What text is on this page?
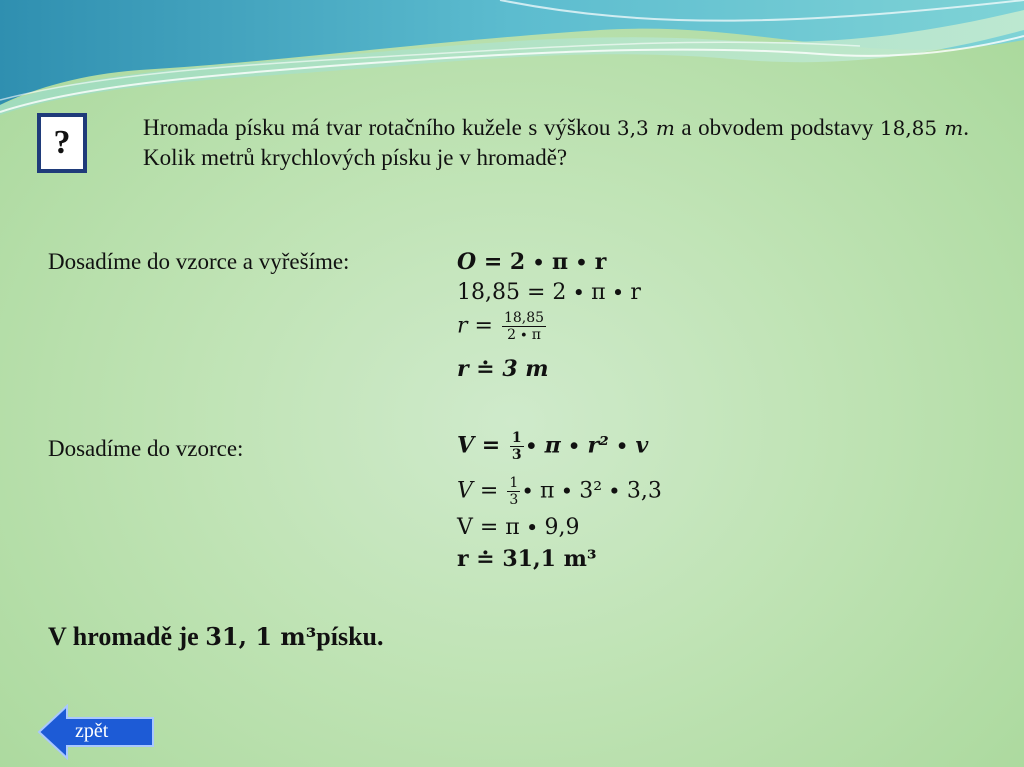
?	Hromada písku má tvar rotačního kužele s výškou 3,3 m a obvodem podstavy 18,85 m. Kolik metrů krychlových písku je v hromadě?
Dosadíme do vzorce a vyřešíme:	O = 2 ∙ π ∙ r
18,85 = 2 ∙ π ∙ r
$r = \frac{18,85}{2 \cdot \pi}$
r ≐ 3 m
Dosadíme do vzorce:	$V = \frac{1}{3} \cdot \pi \cdot r^2 \cdot v$
$V = \frac{1}{3} \cdot \pi \cdot 3^2 \cdot 3,3$
V = π ∙ 9,9
r ≐ 31,1 m³
V hromadě je 31, 1 m³písku.
zpět
